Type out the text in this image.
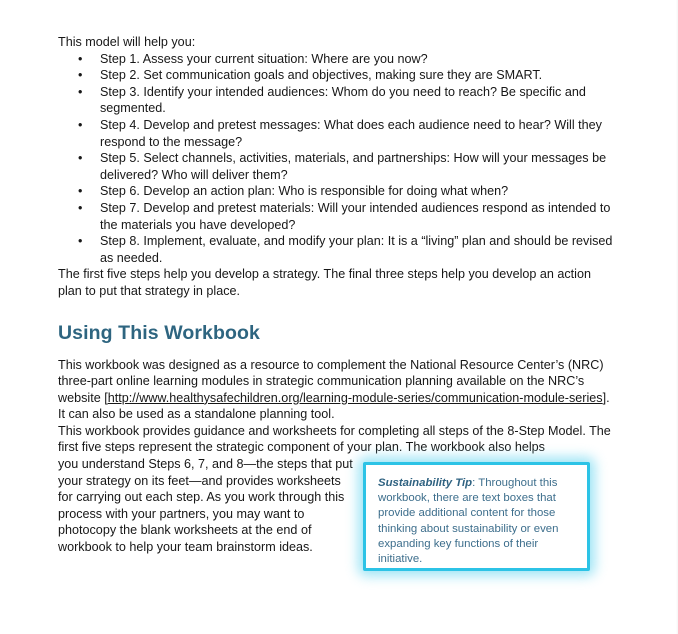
This model will help you:

• Step 1. Assess your current situation: Where are you now?
• Step 2. Set communication goals and objectives, making sure they are SMART.
• Step 3. Identify your intended audiences: Whom do you need to reach? Be specific and segmented.
• Step 4. Develop and pretest messages: What does each audience need to hear? Will they respond to the message?
• Step 5. Select channels, activities, materials, and partnerships: How will your messages be delivered? Who will deliver them?
• Step 6. Develop an action plan: Who is responsible for doing what when?
• Step 7. Develop and pretest materials: Will your intended audiences respond as intended to the materials you have developed?
• Step 8. Implement, evaluate, and modify your plan: It is a “living” plan and should be revised as needed.

The first five steps help you develop a strategy. The final three steps help you develop an action plan to put that strategy in place.

Using This Workbook

This workbook was designed as a resource to complement the National Resource Center’s (NRC) three-part online learning modules in strategic communication planning available on the NRC’s website [http://www.healthysafechildren.org/learning-module-series/communication-module-series]. It can also be used as a standalone planning tool.

This workbook provides guidance and worksheets for completing all steps of the 8-Step Model. The first five steps represent the strategic component of your plan. The workbook also helps

you understand Steps 6, 7, and 8—the steps that put your strategy on its feet—and provides worksheets for carrying out each step. As you work through this process with your partners, you may want to photocopy the blank worksheets at the end of workbook to help your team brainstorm ideas.

Sustainability Tip: Throughout this workbook, there are text boxes that provide additional content for those thinking about sustainability or even expanding key functions of their initiative.
